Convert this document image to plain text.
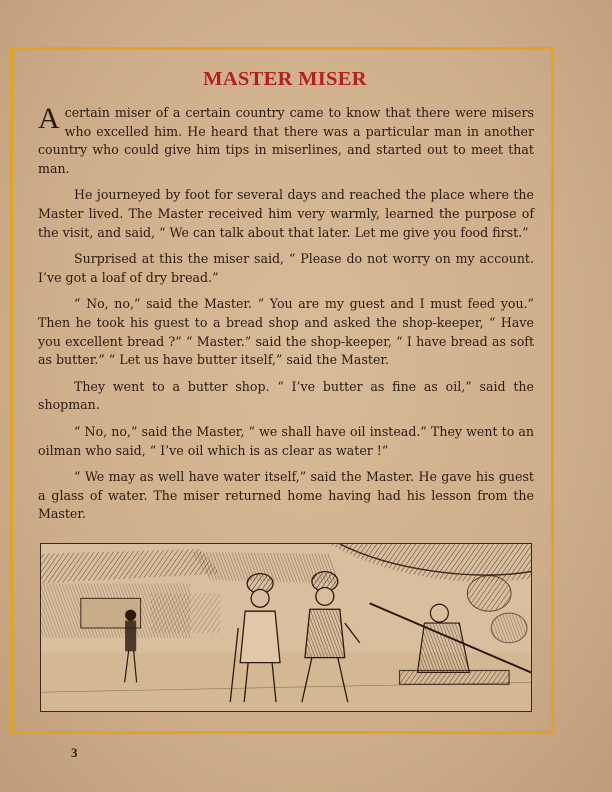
MASTER MISER

A certain miser of a certain country came to know that there were misers who excelled him. He heard that there was a particular man in another country who could give him tips in miserlines, and started out to meet that man.

He journeyed by foot for several days and reached the place where the Master lived. The Master received him very warmly, learned the purpose of the visit, and said, “ We can talk about that later. Let me give you food first.”

Surprised at this the miser said, “ Please do not worry on my account. I’ve got a loaf of dry bread.”

“ No, no,” said the Master. “ You are my guest and I must feed you.” Then he took his guest to a bread shop and asked the shop-keeper, “ Have you excellent bread ?” “ Master.” said the shop-keeper, “ I have bread as soft as butter.” “ Let us have butter itself,” said the Master.

They went to a butter shop. “ I’ve butter as fine as oil,” said the shopman.

“ No, no,” said the Master, “ we shall have oil instead.” They went to an oilman who said, “ I’ve oil which is as clear as water !”

“ We may as well have water itself,” said the Master. He gave his guest a glass of water. The miser returned home having had his lesson from the Master.

3
